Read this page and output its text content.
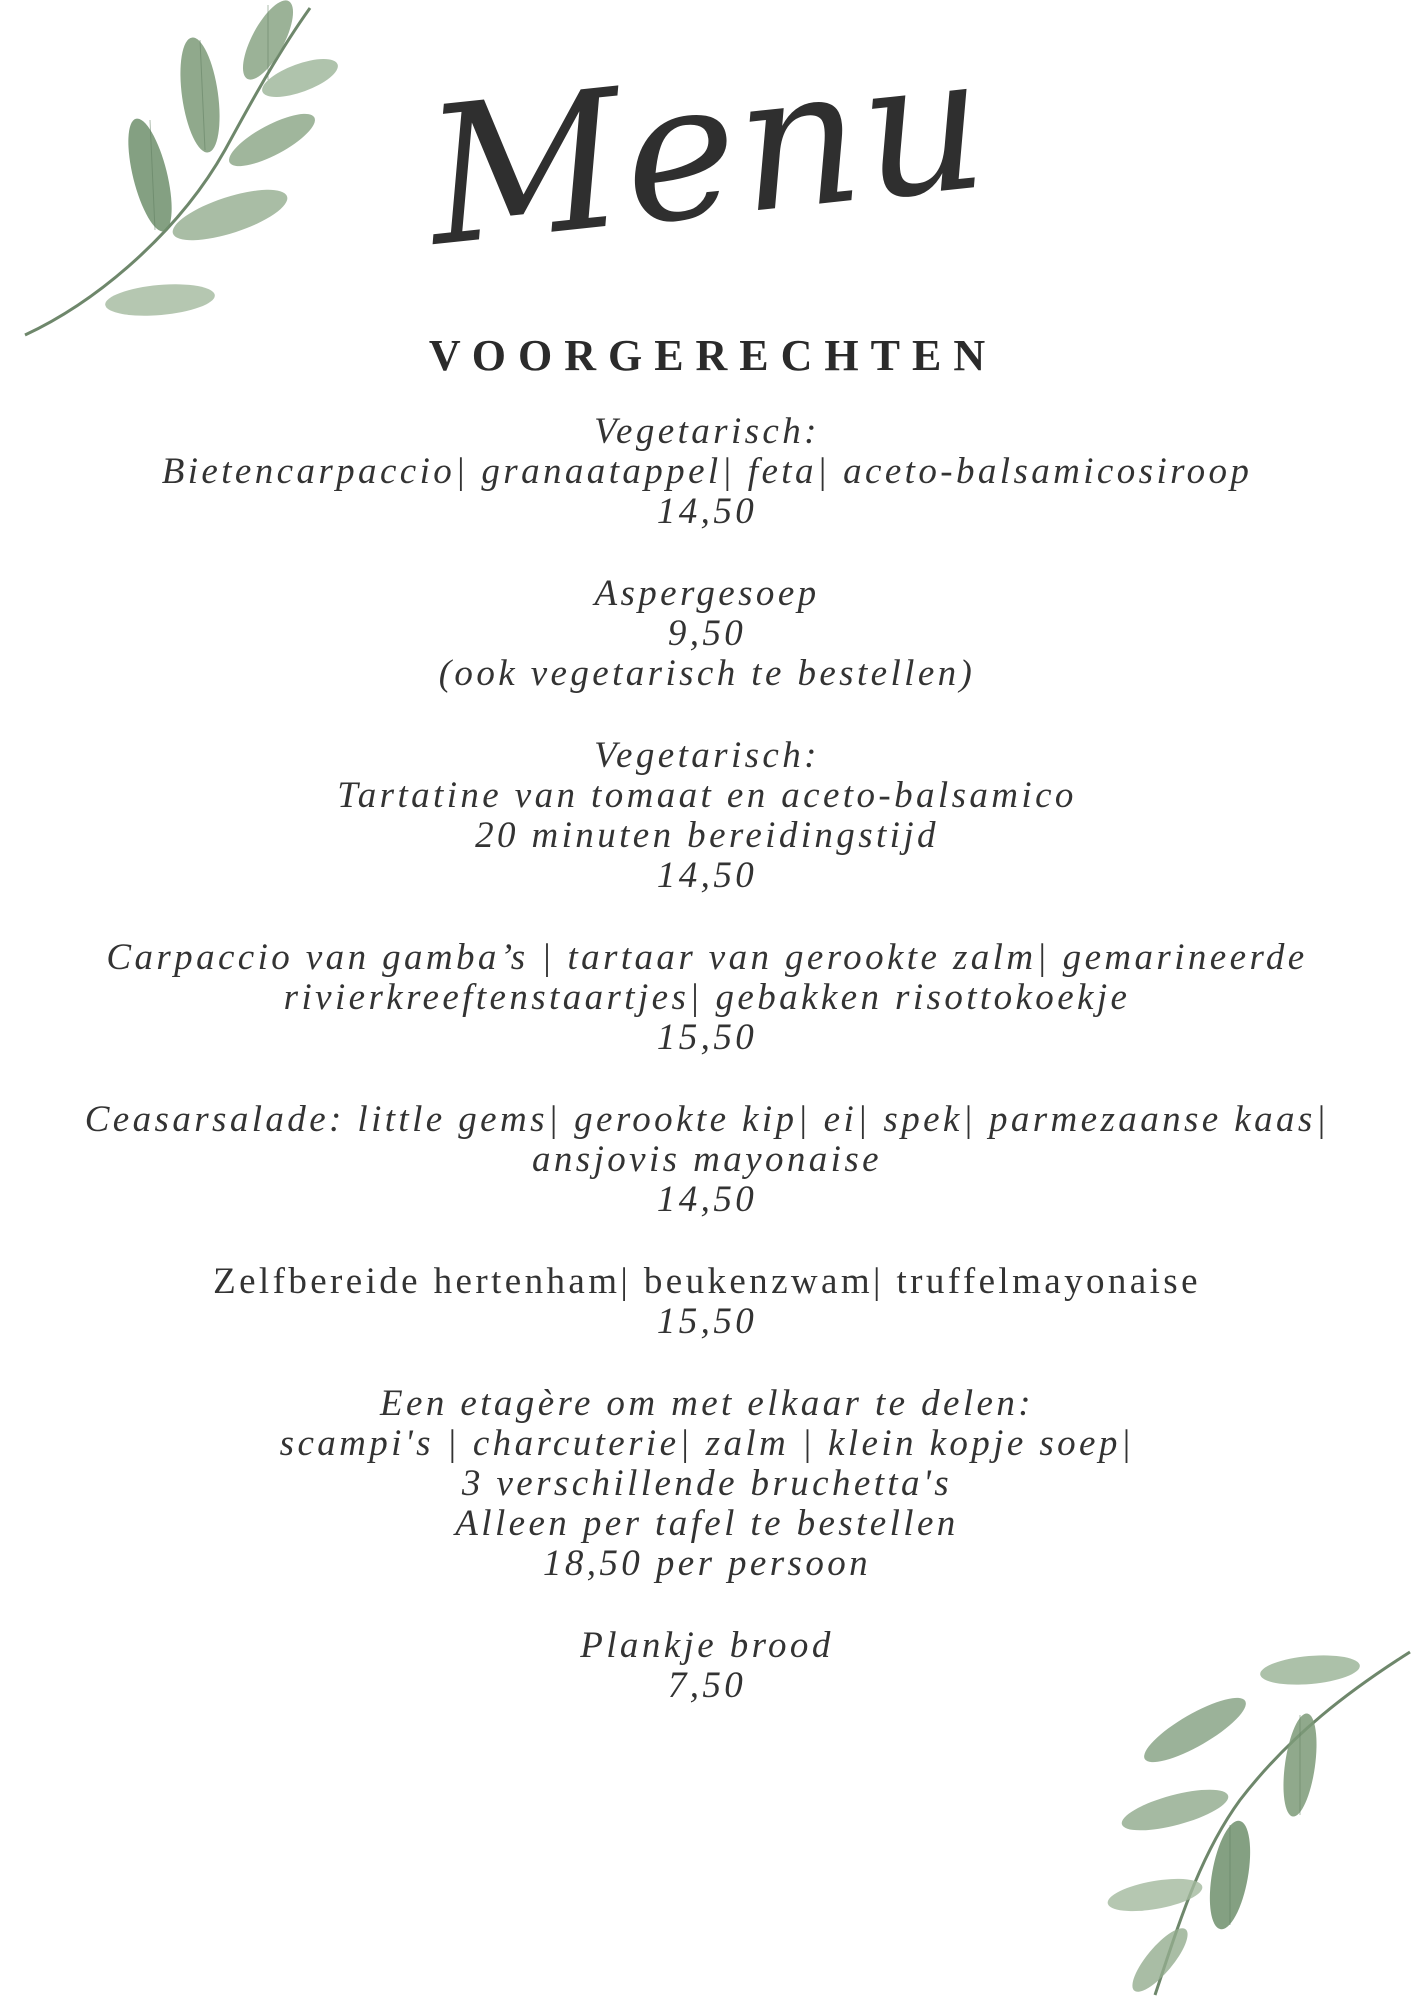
Menu
VOORGERECHTEN
Vegetarisch:
Bietencarpaccio| granaatappel| feta| aceto-balsamicosiroop
14,50
Aspergesoep
9,50
(ook vegetarisch te bestellen)
Vegetarisch:
Tartatine van tomaat en aceto-balsamico
20 minuten bereidingstijd
14,50
Carpaccio van gamba’s | tartaar van gerookte zalm| gemarineerde
rivierkreeftenstaartjes| gebakken risottokoekje
15,50
Ceasarsalade: little gems| gerookte kip| ei| spek| parmezaanse kaas|
ansjovis mayonaise
14,50
Zelfbereide hertenham| beukenzwam| truffelmayonaise
15,50
Een etagère om met elkaar te delen:
scampi's | charcuterie| zalm | klein kopje soep|
3 verschillende bruchetta's
Alleen per tafel te bestellen
18,50 per persoon
Plankje brood
7,50
